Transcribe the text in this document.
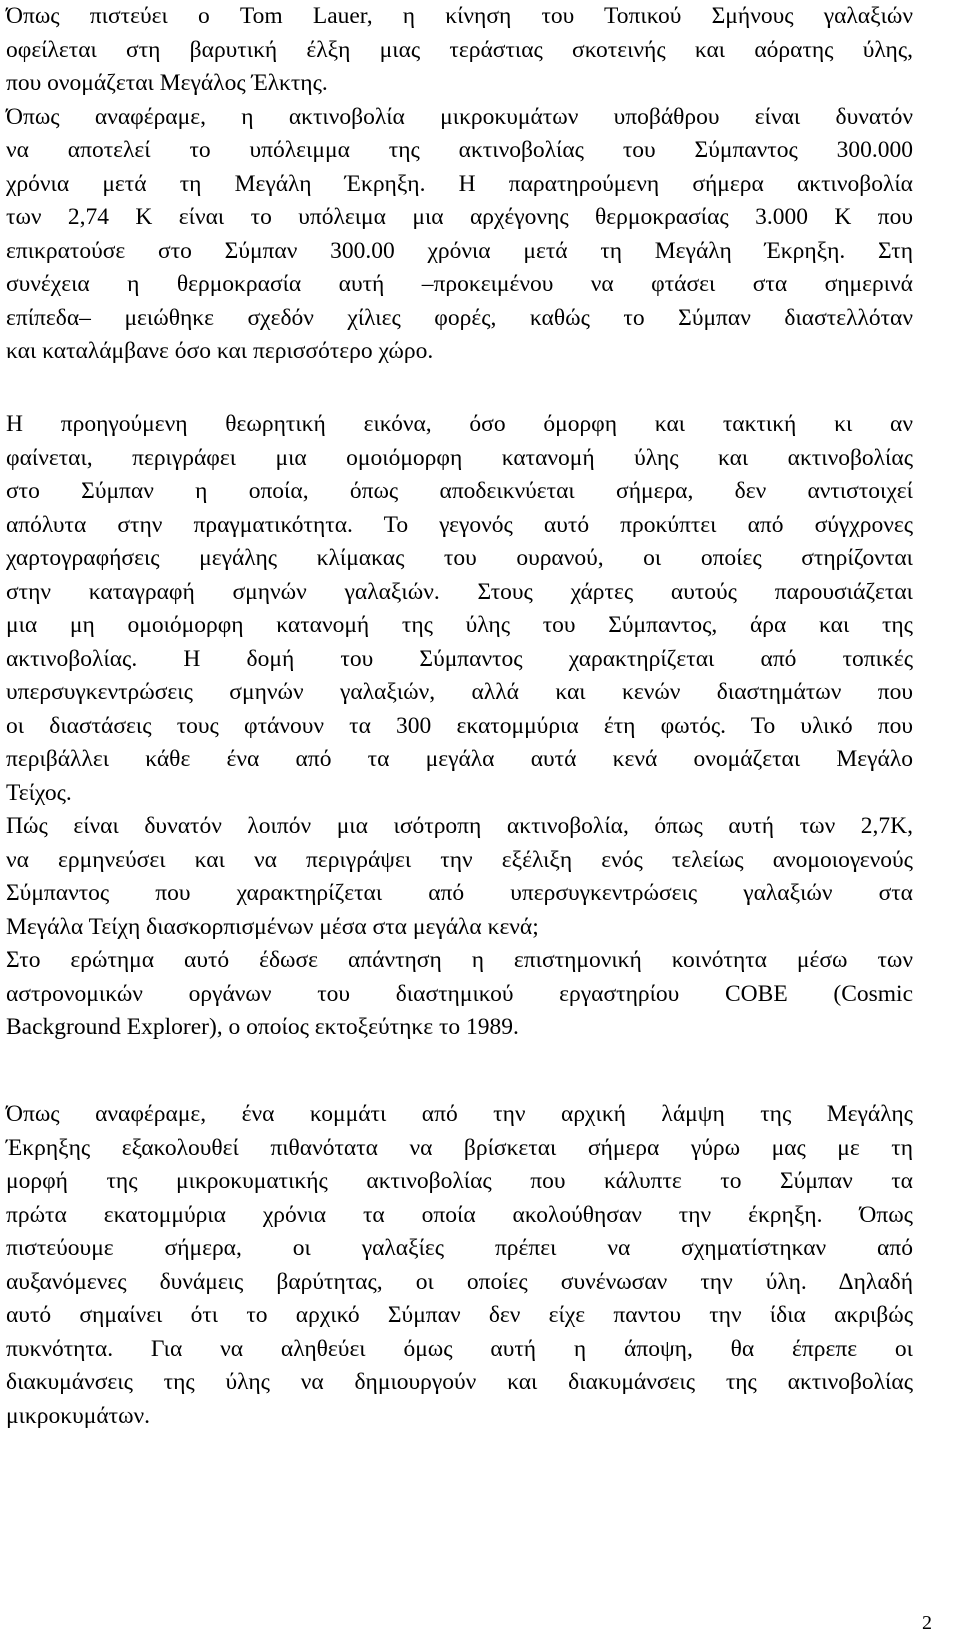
Όπως πιστεύει ο Tom Lauer, η κίνηση του Τοπικού Σμήνους γαλαξιών
οφείλεται στη βαρυτική έλξη μιας τεράστιας σκοτεινής και αόρατης ύλης,
που ονομάζεται Μεγάλος Έλκτης.
Όπως αναφέραμε, η ακτινοβολία μικροκυμάτων υποβάθρου είναι δυνατόν
να αποτελεί το υπόλειμμα της ακτινοβολίας του Σύμπαντος 300.000
χρόνια μετά τη Μεγάλη Έκρηξη. Η παρατηρούμενη σήμερα ακτινοβολία
των 2,74 K είναι το υπόλειμα μια αρχέγονης θερμοκρασίας 3.000 K που
επικρατούσε στο Σύμπαν 300.00 χρόνια μετά τη Μεγάλη Έκρηξη. Στη
συνέχεια η θερμοκρασία αυτή –προκειμένου να φτάσει στα σημερινά
επίπεδα– μειώθηκε σχεδόν χίλιες φορές, καθώς το Σύμπαν διαστελλόταν
και καταλάμβανε όσο και περισσότερο χώρο.
Η προηγούμενη θεωρητική εικόνα, όσο όμορφη και τακτική κι αν
φαίνεται, περιγράφει μια ομοιόμορφη κατανομή ύλης και ακτινοβολίας
στο Σύμπαν η οποία, όπως αποδεικνύεται σήμερα, δεν αντιστοιχεί
απόλυτα στην πραγματικότητα. Το γεγονός αυτό προκύπτει από σύγχρονες
χαρτογραφήσεις μεγάλης κλίμακας του ουρανού, οι οποίες στηρίζονται
στην καταγραφή σμηνών γαλαξιών. Στους χάρτες αυτούς παρουσιάζεται
μια μη ομοιόμορφη κατανομή της ύλης του Σύμπαντος, άρα και της
ακτινοβολίας. Η δομή του Σύμπαντος χαρακτηρίζεται από τοπικές
υπερσυγκεντρώσεις σμηνών γαλαξιών, αλλά και κενών διαστημάτων που
οι διαστάσεις τους φτάνουν τα 300 εκατομμύρια έτη φωτός. Το υλικό που
περιβάλλει κάθε ένα από τα μεγάλα αυτά κενά ονομάζεται Μεγάλο
Τείχος.
Πώς είναι δυνατόν λοιπόν μια ισότροπη ακτινοβολία, όπως αυτή των 2,7K,
να ερμηνεύσει και να περιγράψει την εξέλιξη ενός τελείως ανομοιογενούς
Σύμπαντος που χαρακτηρίζεται από υπερσυγκεντρώσεις γαλαξιών στα
Μεγάλα Τείχη διασκορπισμένων μέσα στα μεγάλα κενά;
Στο ερώτημα αυτό έδωσε απάντηση η επιστημονική κοινότητα μέσω των
αστρονομικών οργάνων του διαστημικού εργαστηρίου COBE (Cosmic
Background Explorer), ο οποίος εκτοξεύτηκε το 1989.
Όπως αναφέραμε, ένα κομμάτι από την αρχική λάμψη της Μεγάλης
Έκρηξης εξακολουθεί πιθανότατα να βρίσκεται σήμερα γύρω μας με τη
μορφή της μικροκυματικής ακτινοβολίας που κάλυπτε το Σύμπαν τα
πρώτα εκατομμύρια χρόνια τα οποία ακολούθησαν την έκρηξη. Όπως
πιστεύουμε σήμερα, οι γαλαξίες πρέπει να σχηματίστηκαν από
αυξανόμενες δυνάμεις βαρύτητας, οι οποίες συνένωσαν την ύλη. Δηλαδή
αυτό σημαίνει ότι το αρχικό Σύμπαν δεν είχε παντου την ίδια ακριβώς
πυκνότητα. Για να αληθεύει όμως αυτή η άποψη, θα έπρεπε οι
διακυμάνσεις της ύλης να δημιουργούν και διακυμάνσεις της ακτινοβολίας
μικροκυμάτων.
2
